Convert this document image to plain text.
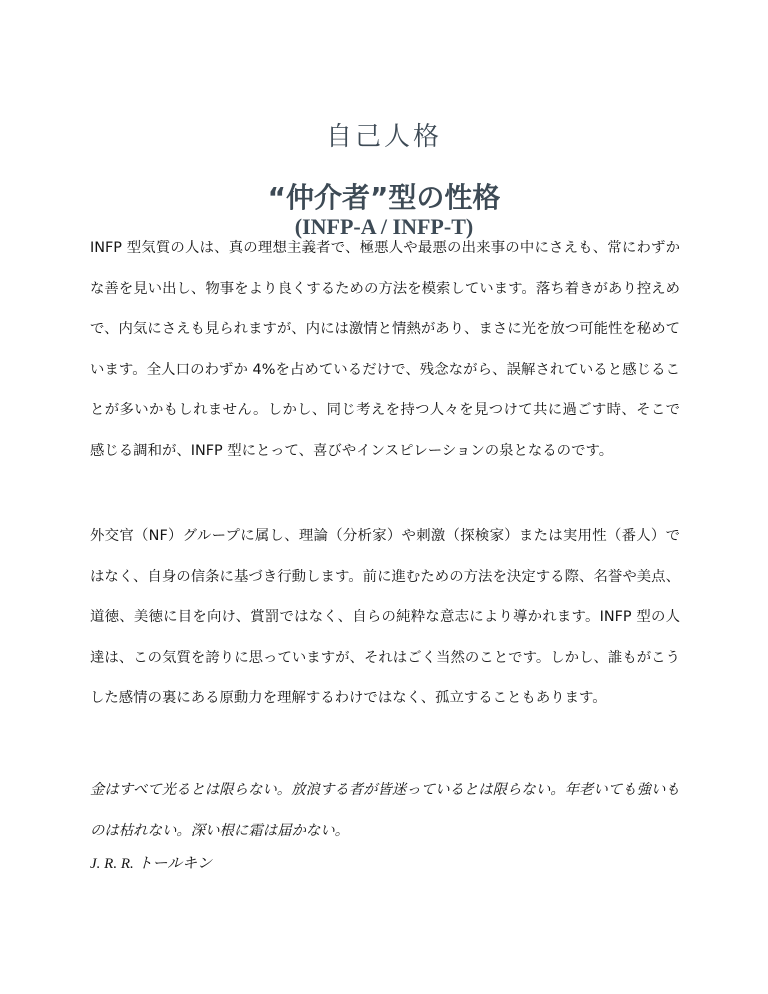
自己人格
“仲介者”型の性格
(INFP-A / INFP-T)
INFP 型気質の人は、真の理想主義者で、極悪人や最悪の出来事の中にさえも、常にわずかな善を見い出し、物事をより良くするための方法を模索しています。落ち着きがあり控えめで、内気にさえも見られますが、内には激情と情熱があり、まさに光を放つ可能性を秘めています。全人口のわずか 4%を占めているだけで、残念ながら、誤解されていると感じることが多いかもしれません。しかし、同じ考えを持つ人々を見つけて共に過ごす時、そこで感じる調和が、INFP 型にとって、喜びやインスピレーションの泉となるのです。
外交官（NF）グループに属し、理論（分析家）や刺激（探検家）または実用性（番人）ではなく、自身の信条に基づき行動します。前に進むための方法を決定する際、名誉や美点、道徳、美徳に目を向け、賞罰ではなく、自らの純粋な意志により導かれます。INFP 型の人達は、この気質を誇りに思っていますが、それはごく当然のことです。しかし、誰もがこうした感情の裏にある原動力を理解するわけではなく、孤立することもあります。
金はすべて光るとは限らない。放浪する者が皆迷っているとは限らない。年老いても強いものは枯れない。深い根に霜は届かない。
J. R. R. トールキン
